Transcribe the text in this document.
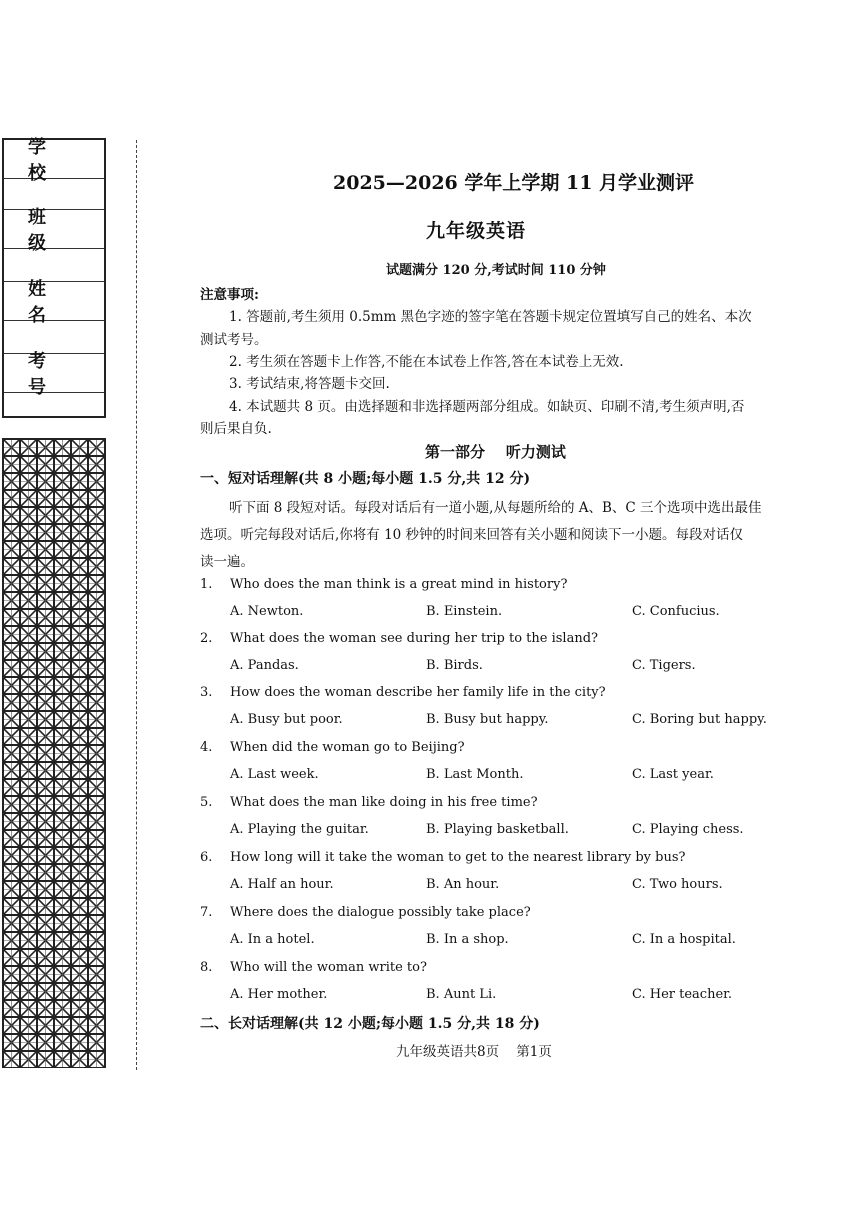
学 校
班 级
姓 名
考 号
2025—2026 学年上学期 11 月学业测评
九年级英语
试题满分 120 分,考试时间 110 分钟
注意事项:
1. 答题前,考生须用 0.5mm 黑色字迹的签字笔在答题卡规定位置填写自己的姓名、本次
测试考号。
2. 考生须在答题卡上作答,不能在本试卷上作答,答在本试卷上无效.
3. 考试结束,将答题卡交回.
4. 本试题共 8 页。由选择题和非选择题两部分组成。如缺页、印刷不清,考生须声明,否
则后果自负.
第一部分    听力测试
一、短对话理解(共 8 小题;每小题 1.5 分,共 12 分)
听下面 8 段短对话。每段对话后有一道小题,从每题所给的 A、B、C 三个选项中选出最佳
选项。听完每段对话后,你将有 10 秒钟的时间来回答有关小题和阅读下一小题。每段对话仅
读一遍。
1. Who does the man think is a great mind in history?
A. Newton.	B. Einstein.	C. Confucius.
2. What does the woman see during her trip to the island?
A. Pandas.	B. Birds.	C. Tigers.
3. How does the woman describe her family life in the city?
A. Busy but poor.	B. Busy but happy.	C. Boring but happy.
4. When did the woman go to Beijing?
A. Last week.	B. Last Month.	C. Last year.
5. What does the man like doing in his free time?
A. Playing the guitar.	B. Playing basketball.	C. Playing chess.
6. How long will it take the woman to get to the nearest library by bus?
A. Half an hour.	B. An hour.	C. Two hours.
7. Where does the dialogue possibly take place?
A. In a hotel.	B. In a shop.	C. In a hospital.
8. Who will the woman write to?
A. Her mother.	B. Aunt Li.	C. Her teacher.
二、长对话理解(共 12 小题;每小题 1.5 分,共 18 分)
九年级英语共8页    第1页
